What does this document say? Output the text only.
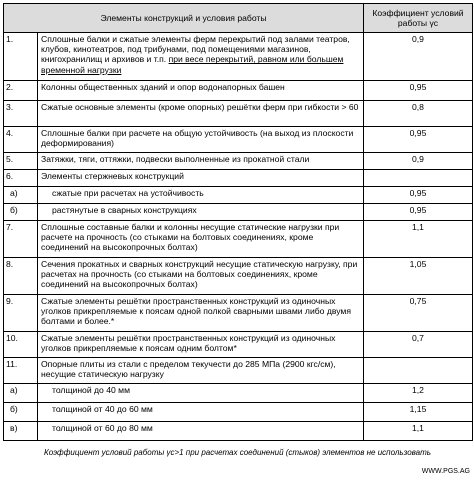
Элементы конструкций и условия работы		Коэффициент условий работы γс
1.	Сплошные балки и сжатые элементы ферм перекрытий под залами театров, клубов, кинотеатров, под трибунами, под помещениями магазинов, книгохранилищ и архивов и т.п. при весе перекрытий, равном или большем временной нагрузки	0,9
2.	Колонны общественных зданий и опор водонапорных башен	0,95
3.	Сжатые основные элементы (кроме опорных) решётки ферм при гибкости > 60	0,8
4.	Сплошные балки при расчете на общую устойчивость (на выход из плоскости деформирования)	0,95
5.	Затяжки, тяги, оттяжки, подвески выполненные из прокатной стали	0,9
6.	Элементы стержневых конструкций	
а)	сжатые при расчетах на устойчивость	0,95
б)	растянутые в сварных конструкциях	0,95
7.	Сплошные составные балки и колонны несущие статические нагрузки при расчете на прочность (со стыками на болтовых соединениях, кроме соединений на высокопрочных болтах)	1,1
8.	Сечения прокатных и сварных конструкций несущие статическую нагрузку, при расчетах на прочность (со стыками на болтовых соединениях, кроме соединений на высокопрочных болтах)	1,05
9.	Сжатые элементы решётки пространственных конструкций из одиночных уголков прикрепляемые к поясам одной полкой сварными швами либо двумя болтами и более.*	0,75
10.	Сжатые элементы решётки пространственных конструкций из одиночных уголков прикрепляемые к поясам одним болтом*	0,7
11.	Опорные плиты из стали с пределом текучести до 285 МПа (2900 кгс/см), несущие статическую нагрузку	
а)	толщиной до 40 мм	1,2
б)	толщиной от 40 до 60 мм	1,15
в)	толщиной от 60 до 80 мм	1,1
Коэффициент условий работы γс>1 при расчетах соединений (стыков) элементов не использовать
WWW.PGS.AG
